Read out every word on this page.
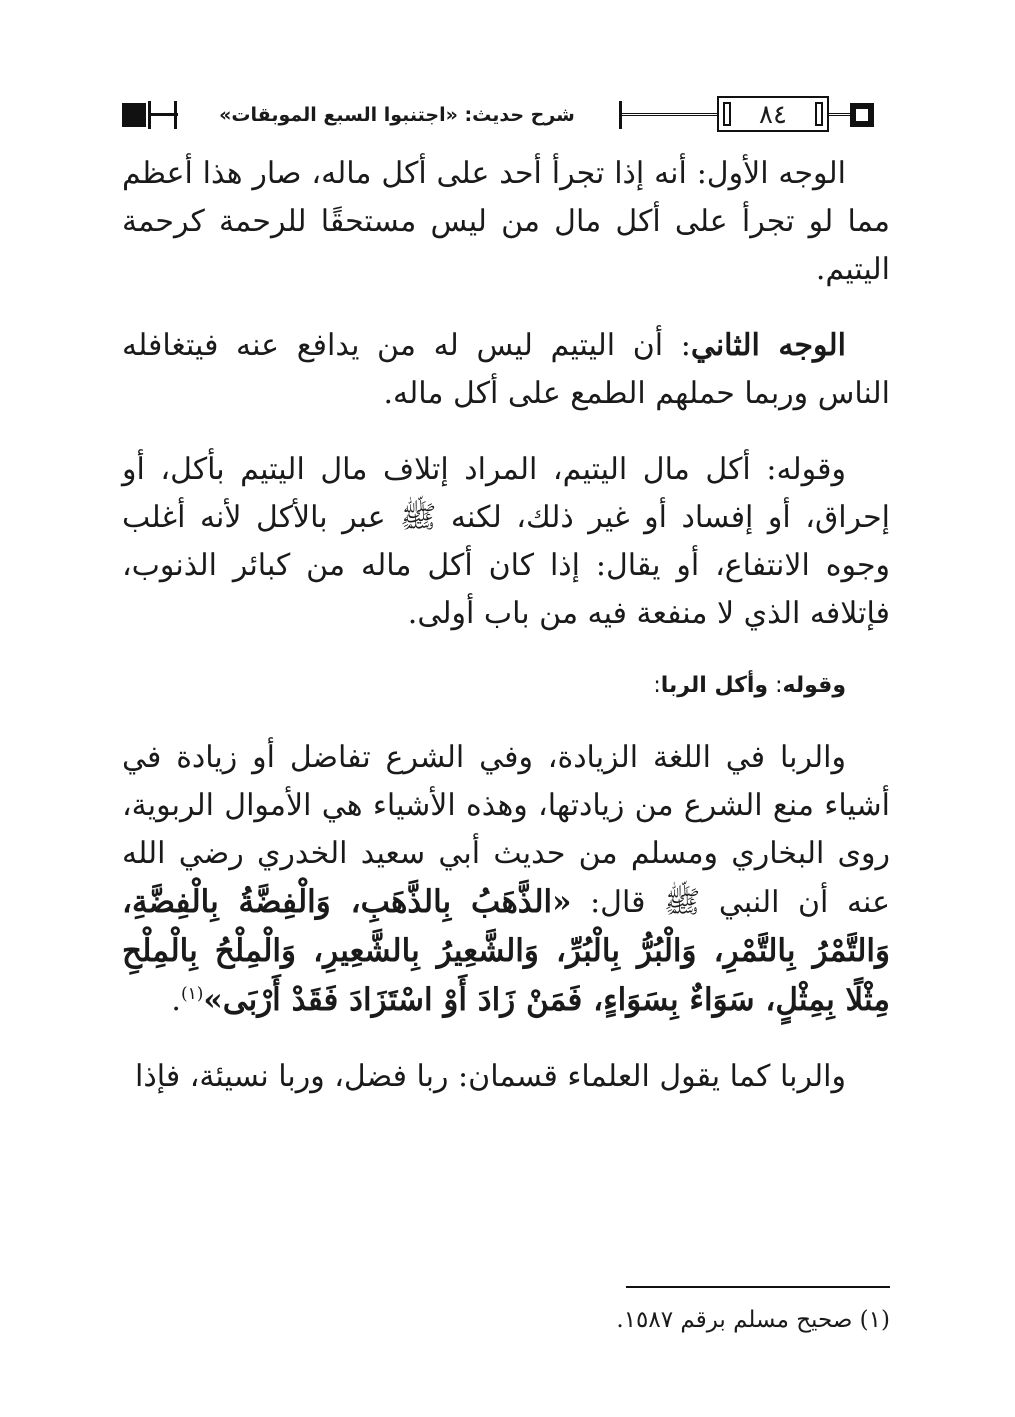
شرح حديث: «اجتنبوا السبع الموبقات»	٨٤

الوجه الأول: أنه إذا تجرأ أحد على أكل ماله، صار هذا أعظم مما لو تجرأ على أكل مال من ليس مستحقًا للرحمة كرحمة اليتيم.

الوجه الثاني: أن اليتيم ليس له من يدافع عنه فيتغافله الناس وربما حملهم الطمع على أكل ماله.

وقوله: أكل مال اليتيم، المراد إتلاف مال اليتيم بأكل، أو إحراق، أو إفساد أو غير ذلك، لكنه ﷺ عبر بالأكل لأنه أغلب وجوه الانتفاع، أو يقال: إذا كان أكل ماله من كبائر الذنوب، فإتلافه الذي لا منفعة فيه من باب أولى.

وقوله: وأكل الربا:

والربا في اللغة الزيادة، وفي الشرع تفاضل أو زيادة في أشياء منع الشرع من زيادتها، وهذه الأشياء هي الأموال الربوية، روى البخاري ومسلم من حديث أبي سعيد الخدري رضي الله عنه أن النبي ﷺ قال: «الذَّهَبُ بِالذَّهَبِ، وَالْفِضَّةُ بِالْفِضَّةِ، وَالتَّمْرُ بِالتَّمْرِ، وَالْبُرُّ بِالْبُرِّ، وَالشَّعِيرُ بِالشَّعِيرِ، وَالْمِلْحُ بِالْمِلْحِ مِثْلًا بِمِثْلٍ، سَوَاءٌ بِسَوَاءٍ، فَمَنْ زَادَ أَوْ اسْتَزَادَ فَقَدْ أَرْبَى»$^{(١)}$.

والربا كما يقول العلماء قسمان: ربا فضل، وربا نسيئة، فإذا

(١) صحيح مسلم برقم ١٥٨٧.
